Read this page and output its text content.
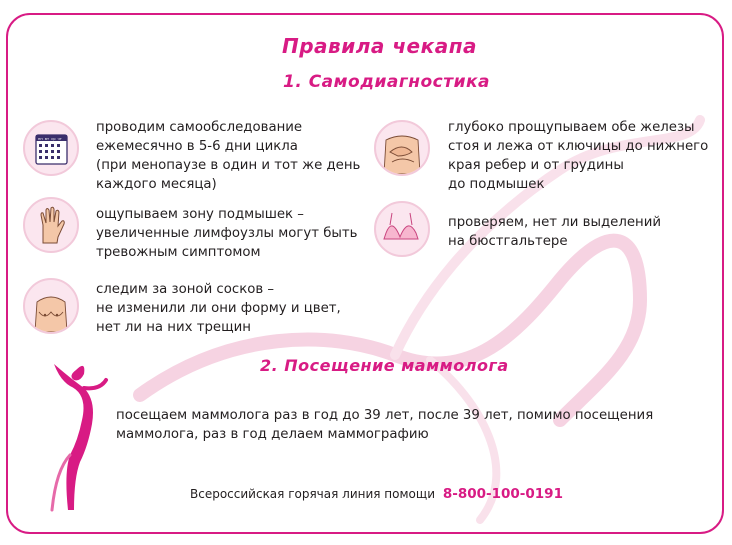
Правила чекапа
1. Самодиагностика
пн вт ср чт
проводим самообследование
ежемесячно в 5-6 дни цикла
(при менопаузе в один и тот же день
каждого месяца)
ощупываем зону подмышек –
увеличенные лимфоузлы могут быть
тревожным симптомом
следим за зоной сосков –
не изменили ли они форму и цвет,
нет ли на них трещин
глубоко прощупываем обе железы
стоя и лежа от ключицы до нижнего
края ребер и от грудины
до подмышек
проверяем, нет ли выделений
на бюстгальтере
2. Посещение маммолога
посещаем маммолога раз в год до 39 лет, после 39 лет, помимо посещения
маммолога, раз в год делаем маммографию
Всероссийская горячая линия помощи 8-800-100-0191
